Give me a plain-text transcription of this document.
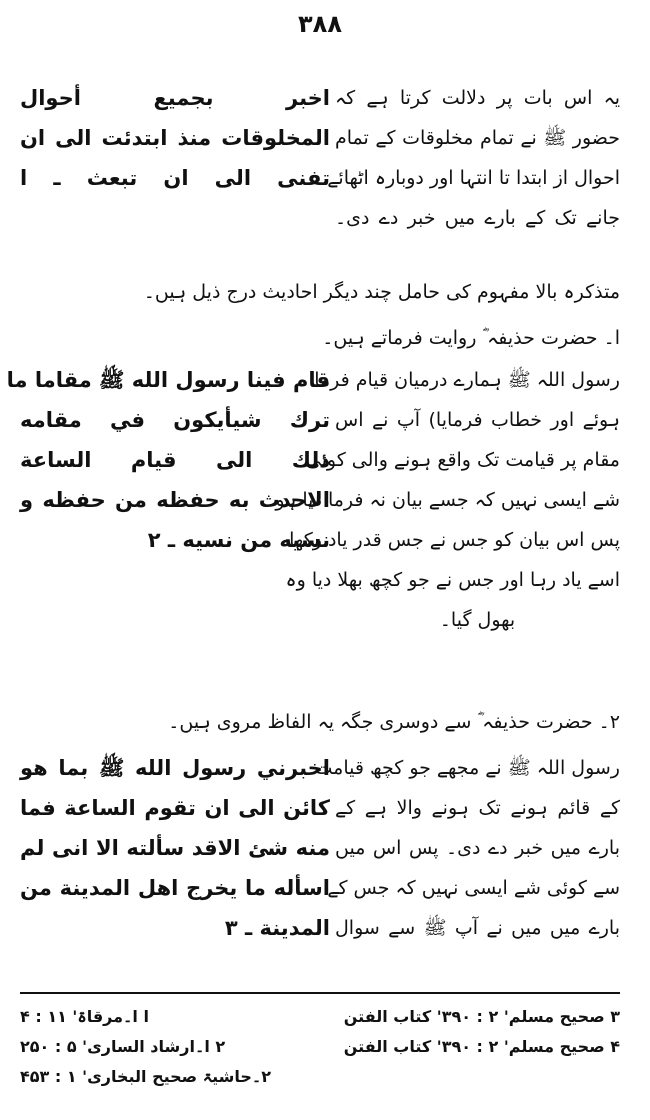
۳۸۸
اخبر بجميع أحوال
المخلوقات منذ ابتدئت الى ان
تفنى الى ان تبعث ـ ا
یہ اس بات پر دلالت کرتا ہے کہ
حضور ﷺ نے تمام مخلوقات کے تمام
احوال از ابتدا تا انتہا اور دوبارہ اٹھائے
جانے تک کے بارے میں خبر دے دی۔
متذکرہ بالا مفہوم کی حامل چند دیگر احادیث درج ذیل ہیں۔
ا۔ حضرت حذیفہ ؓ روایت فرماتے ہیں۔
قام فينا رسول الله ﷺ مقاما ما
ترك شيأيكون في مقامه
ذلك الى قيام الساعة
الاحدث به حفظه من حفظه و
نسيه من نسيه ـ ۲
رسول اللہ ﷺ ہمارے درمیان قیام فرما
ہوئے اور خطاب فرمایا) آپ نے اس
مقام پر قیامت تک واقع ہونے والی کوئی
شے ایسی نہیں کہ جسے بیان نہ فرما دیا ہو۔
پس اس بیان کو جس نے جس قدر یاد رکھا
اسے یاد رہا اور جس نے جو کچھ بھلا دیا وہ
بھول گیا۔
۲۔ حضرت حذیفہ ؓ سے دوسری جگہ یہ الفاظ مروی ہیں۔
اخبرني رسول الله ﷺ بما هو
كائن الى ان تقوم الساعة فما
منه شئ الاقد سألته الا انى لم
اسأله ما يخرج اهل المدينة من
المدينة ـ ۳
رسول اللہ ﷺ نے مجھے جو کچھ قیامت
کے قائم ہونے تک ہونے والا ہے کے
بارے میں خبر دے دی۔ پس اس میں
سے کوئی شے ایسی نہیں کہ جس کے
بارے میں میں نے آپ ﷺ سے سوال
ا ا۔مرقاۃ' ۱۱ : ۴	۳ صحیح مسلم' ۲ : ۳۹۰' کتاب الفتن
۲ ا۔ارشاد الساری' ۵ : ۲۵۰	۴ صحیح مسلم' ۲ : ۳۹۰' کتاب الفتن
۲۔حاشیۃ صحیح البخاری' ۱ : ۴۵۳
